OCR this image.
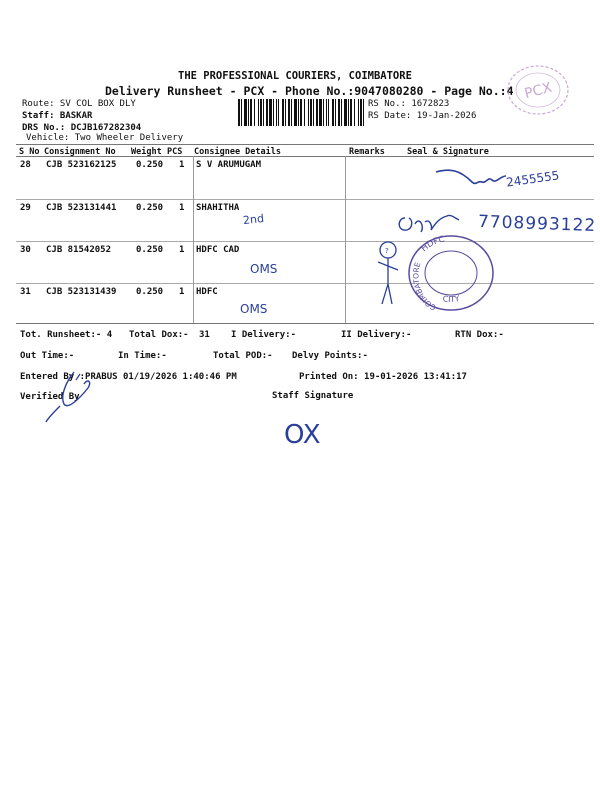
THE PROFESSIONAL COURIERS, COIMBATORE
Delivery Runsheet - PCX - Phone No.:9047080280 - Page No.:4
Route: SV COL BOX DLY
Staff: BASKAR
DRS No.: DCJB167282304
Vehicle: Two Wheeler Delivery
RS No.: 1672823
RS Date: 19-Jan-2026
PCX
S No Consignment No Weight PCS Consignee Details	Remarks	Seal & Signature
28 CJB 523162125 0.250 1 S V ARUMUGAM
29 CJB 523131441 0.250 1 SHAHITHA
30 CJB 81542052	0.250 1 HDFC CAD
31 CJB 523131439 0.250 1 HDFC
2455555
2nd	7708993122
OMS
OMS
?	HDFC
COIMBATORE
CITY
Tot. Runsheet:- 4 Total Dox:- 31 I Delivery:-	II Delivery:-	RTN Dox:-
Out Time:-	In Time:-	Total POD:- Delvy Points:-
Entered By :PRABUS 01/19/2026 1:40:46 PM	Printed On: 19-01-2026 13:41:17
Verified By	Staff Signature
OX
